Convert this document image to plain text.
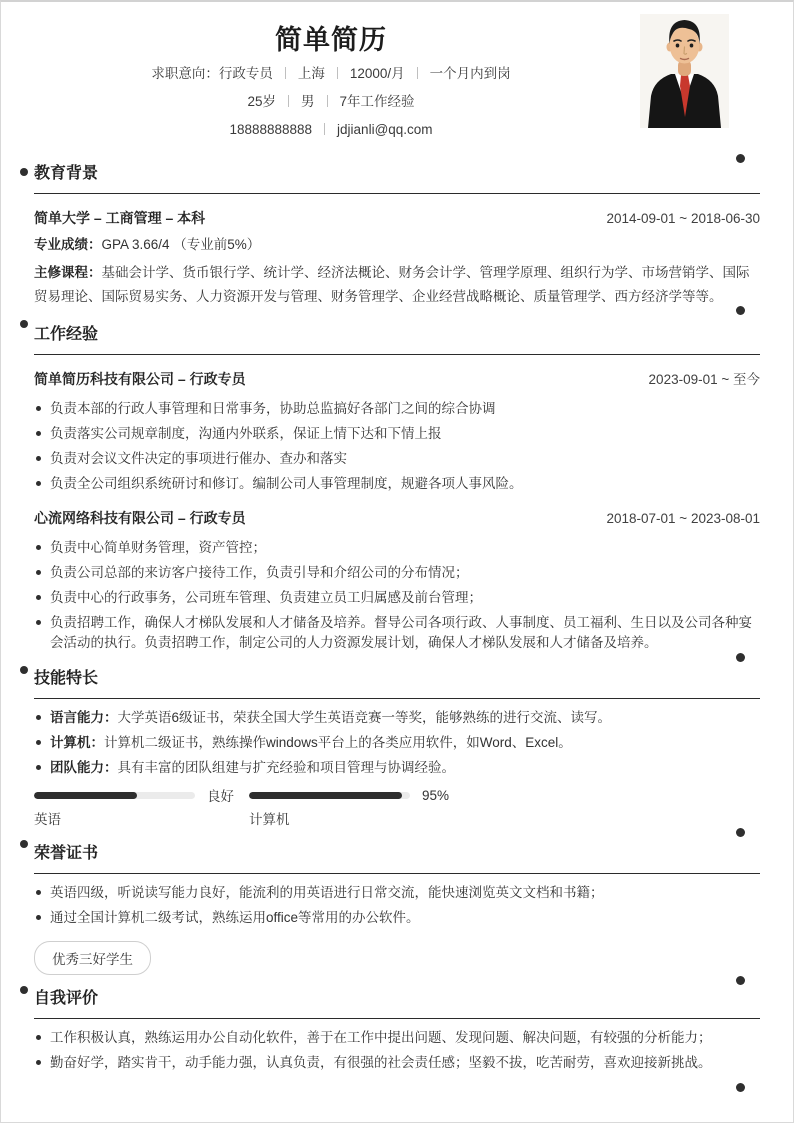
简单简历
求职意向：行政专员 上海 12000/月 一个月内到岗
25岁 男 7年工作经验
18888888888 jdjianli@qq.com
教育背景
简单大学 – 工商管理 – 本科	2014-09-01 ~ 2018-06-30
专业成绩：GPA 3.66/4 （专业前5%）
主修课程：基础会计学、货币银行学、统计学、经济法概论、财务会计学、管理学原理、组织行为学、市场营销学、国际贸易理论、国际贸易实务、人力资源开发与管理、财务管理学、企业经营战略概论、质量管理学、西方经济学等等。
工作经验
简单简历科技有限公司 – 行政专员	2023-09-01 ~ 至今
负责本部的行政人事管理和日常事务，协助总监搞好各部门之间的综合协调
负责落实公司规章制度，沟通内外联系，保证上情下达和下情上报
负责对会议文件决定的事项进行催办、查办和落实
负责全公司组织系统研讨和修订。编制公司人事管理制度，规避各项人事风险。
心流网络科技有限公司 – 行政专员	2018-07-01 ~ 2023-08-01
负责中心简单财务管理，资产管控；
负责公司总部的来访客户接待工作，负责引导和介绍公司的分布情况；
负责中心的行政事务，公司班车管理、负责建立员工归属感及前台管理；
负责招聘工作，确保人才梯队发展和人才储备及培养。督导公司各项行政、人事制度、员工福利、生日以及公司各种宴会活动的执行。负责招聘工作，制定公司的人力资源发展计划，确保人才梯队发展和人才储备及培养。
技能特长
语言能力：大学英语6级证书，荣获全国大学生英语竞赛一等奖，能够熟练的进行交流、读写。
计算机：计算机二级证书，熟练操作windows平台上的各类应用软件，如Word、Excel。
团队能力：具有丰富的团队组建与扩充经验和项目管理与协调经验。
良好
英语
95%
计算机
荣誉证书
英语四级，听说读写能力良好，能流利的用英语进行日常交流，能快速浏览英文文档和书籍；
通过全国计算机二级考试，熟练运用office等常用的办公软件。
优秀三好学生
自我评价
工作积极认真，熟练运用办公自动化软件，善于在工作中提出问题、发现问题、解决问题，有较强的分析能力；
勤奋好学，踏实肯干，动手能力强，认真负责，有很强的社会责任感；坚毅不拔，吃苦耐劳，喜欢迎接新挑战。
